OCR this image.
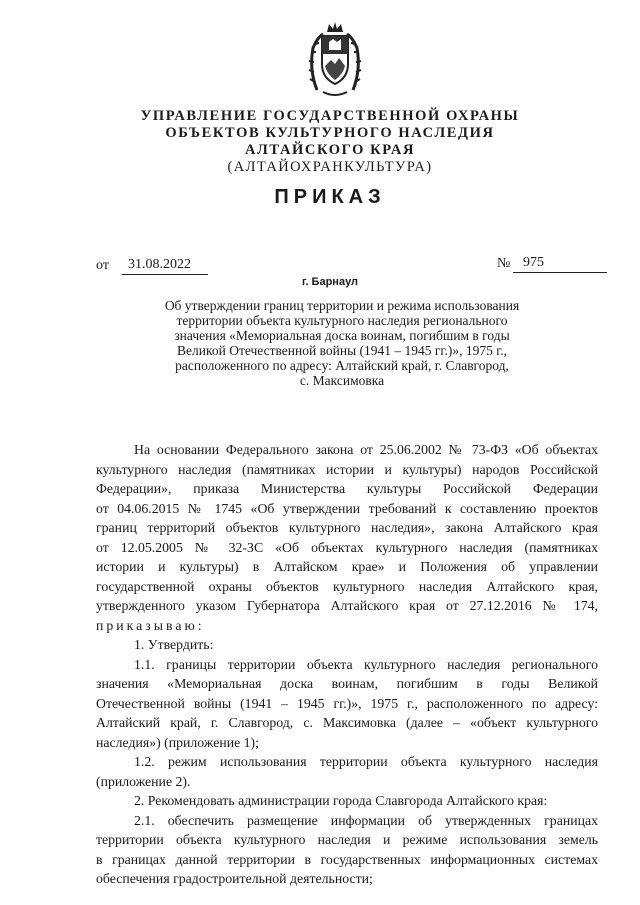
УПРАВЛЕНИЕ ГОСУДАРСТВЕННОЙ ОХРАНЫ
ОБЪЕКТОВ КУЛЬТУРНОГО НАСЛЕДИЯ
АЛТАЙСКОГО КРАЯ
(АЛТАЙОХРАНКУЛЬТУРА)
ПРИКАЗ
от	31.08.2022	№ 975
г. Барнаул
Об утверждении границ территории и режима использования
территории объекта культурного наследия регионального
значения «Мемориальная доска воинам, погибшим в годы
Великой Отечественной войны (1941 – 1945 гг.)», 1975 г.,
расположенного по адресу: Алтайский край, г. Славгород,
с. Максимовка
На основании Федерального закона от 25.06.2002 № 73-ФЗ «Об объектах
культурного наследия (памятниках истории и культуры) народов Российской
Федерации», приказа Министерства культуры Российской Федерации
от 04.06.2015 № 1745 «Об утверждении требований к составлению проектов
границ территорий объектов культурного наследия», закона Алтайского края
от 12.05.2005 № 32-ЗС «Об объектах культурного наследия (памятниках
истории и культуры) в Алтайском крае» и Положения об управлении
государственной охраны объектов культурного наследия Алтайского края,
утвержденного указом Губернатора Алтайского края от 27.12.2016 № 174,
приказываю:
1. Утвердить:
1.1. границы территории объекта культурного наследия регионального
значения «Мемориальная доска воинам, погибшим в годы Великой
Отечественной войны (1941 – 1945 гг.)», 1975 г., расположенного по адресу:
Алтайский край, г. Славгород, с. Максимовка (далее – «объект культурного
наследия») (приложение 1);
1.2. режим использования территории объекта культурного наследия
(приложение 2).
2. Рекомендовать администрации города Славгорода Алтайского края:
2.1. обеспечить размещение информации об утвержденных границах
территории объекта культурного наследия и режиме использования земель
в границах данной территории в государственных информационных системах
обеспечения градостроительной деятельности;
